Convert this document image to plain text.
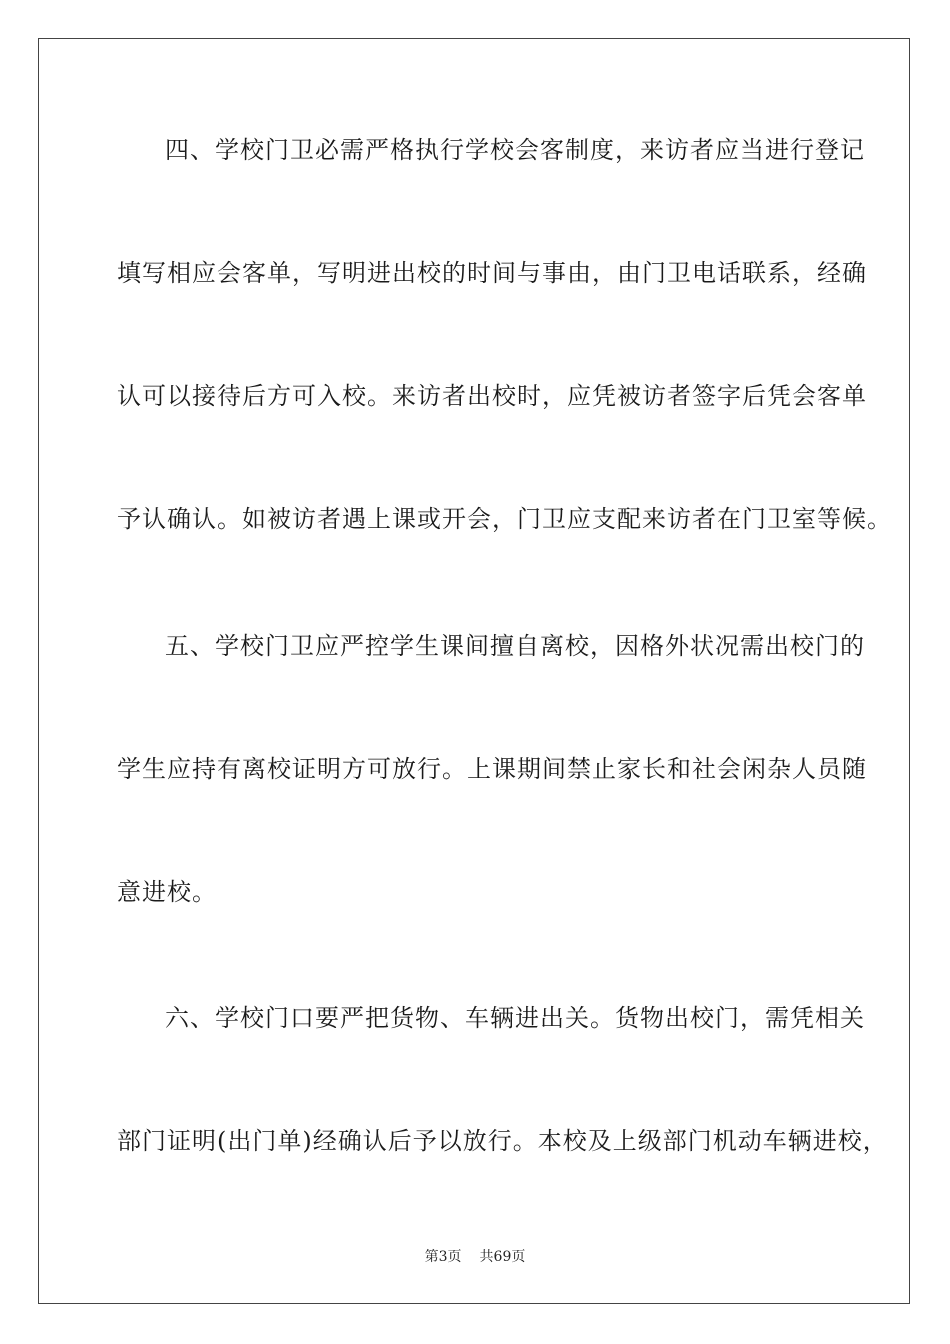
四、学校门卫必需严格执行学校会客制度，来访者应当进行登记
填写相应会客单，写明进出校的时间与事由，由门卫电话联系，经确
认可以接待后方可入校。来访者出校时，应凭被访者签字后凭会客单
予认确认。如被访者遇上课或开会，门卫应支配来访者在门卫室等候。
五、学校门卫应严控学生课间擅自离校，因格外状况需出校门的
学生应持有离校证明方可放行。上课期间禁止家长和社会闲杂人员随
意进校。
六、学校门口要严把货物、车辆进出关。货物出校门，需凭相关
部门证明(出门单)经确认后予以放行。本校及上级部门机动车辆进校，
第3页 共69页
